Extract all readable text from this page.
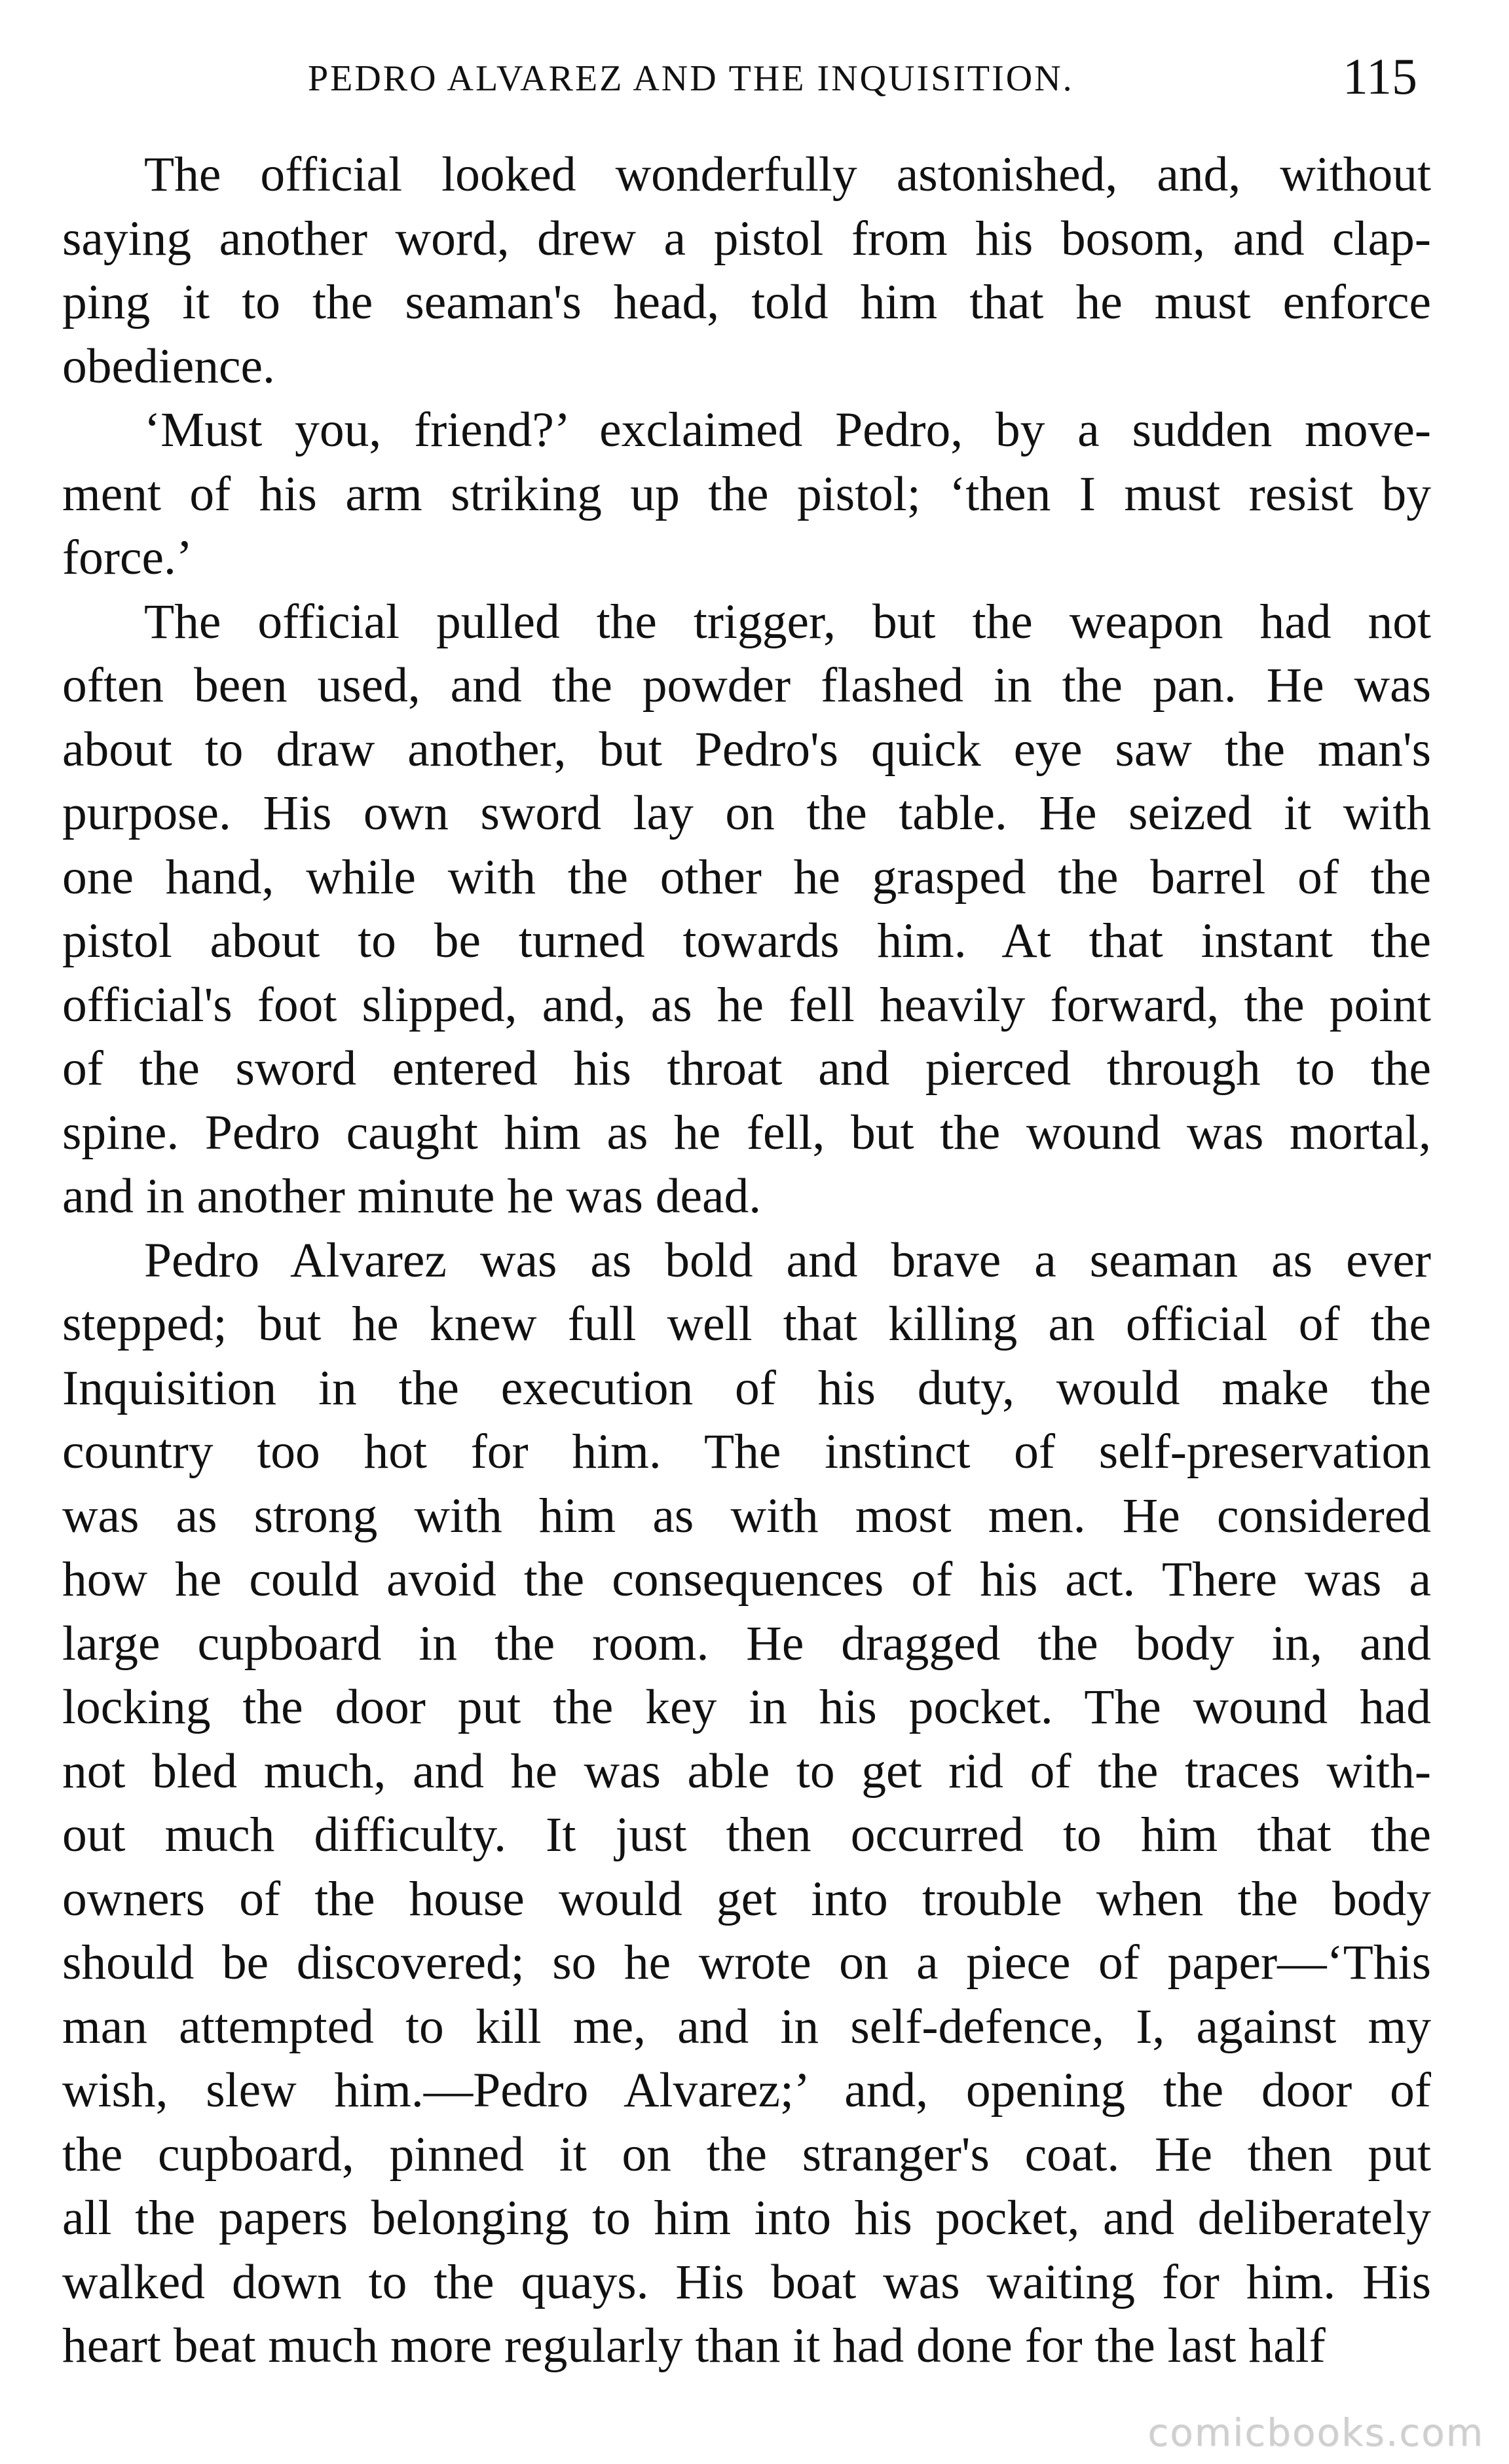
PEDRO ALVAREZ AND THE INQUISITION.	115
The official looked wonderfully astonished, and, without
saying another word, drew a pistol from his bosom, and clap-
ping it to the seaman's head, told him that he must enforce
obedience.
‘Must you, friend?’ exclaimed Pedro, by a sudden move-
ment of his arm striking up the pistol; ‘then I must resist by
force.’
The official pulled the trigger, but the weapon had not
often been used, and the powder flashed in the pan. He was
about to draw another, but Pedro's quick eye saw the man's
purpose. His own sword lay on the table. He seized it with
one hand, while with the other he grasped the barrel of the
pistol about to be turned towards him. At that instant the
official's foot slipped, and, as he fell heavily forward, the point
of the sword entered his throat and pierced through to the
spine. Pedro caught him as he fell, but the wound was mortal,
and in another minute he was dead.
Pedro Alvarez was as bold and brave a seaman as ever
stepped; but he knew full well that killing an official of the
Inquisition in the execution of his duty, would make the
country too hot for him. The instinct of self-preservation
was as strong with him as with most men. He considered
how he could avoid the consequences of his act. There was a
large cupboard in the room. He dragged the body in, and
locking the door put the key in his pocket. The wound had
not bled much, and he was able to get rid of the traces with-
out much difficulty. It just then occurred to him that the
owners of the house would get into trouble when the body
should be discovered; so he wrote on a piece of paper—‘This
man attempted to kill me, and in self-defence, I, against my
wish, slew him.—Pedro Alvarez;’ and, opening the door of
the cupboard, pinned it on the stranger's coat. He then put
all the papers belonging to him into his pocket, and deliberately
walked down to the quays. His boat was waiting for him. His
heart beat much more regularly than it had done for the last half
comicbooks.com
